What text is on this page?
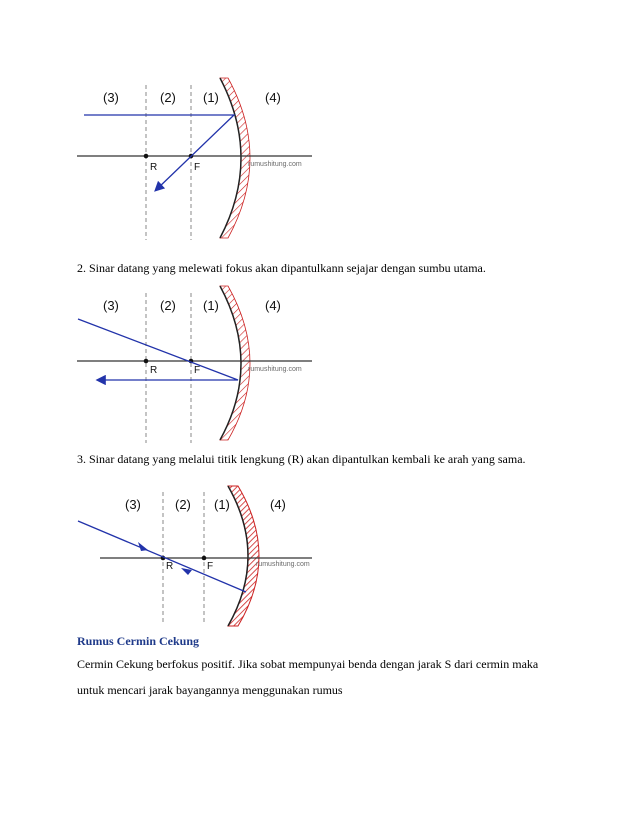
(3)	(2) (1)	(4)
R	F	rumushitung.com

2. Sinar datang yang melewati fokus akan dipantulkann sejajar dengan sumbu utama.

(3)	(2) (1)	(4)
R	F	rumushitung.com

3. Sinar datang yang melalui titik lengkung (R) akan dipantulkan kembali ke arah yang sama.

(3)	(2) (1)	(4)
R	F	rumushitung.com

Rumus Cermin Cekung

Cermin Cekung berfokus positif. Jika sobat mempunyai benda dengan jarak S dari cermin maka

untuk mencari jarak bayangannya menggunakan rumus
